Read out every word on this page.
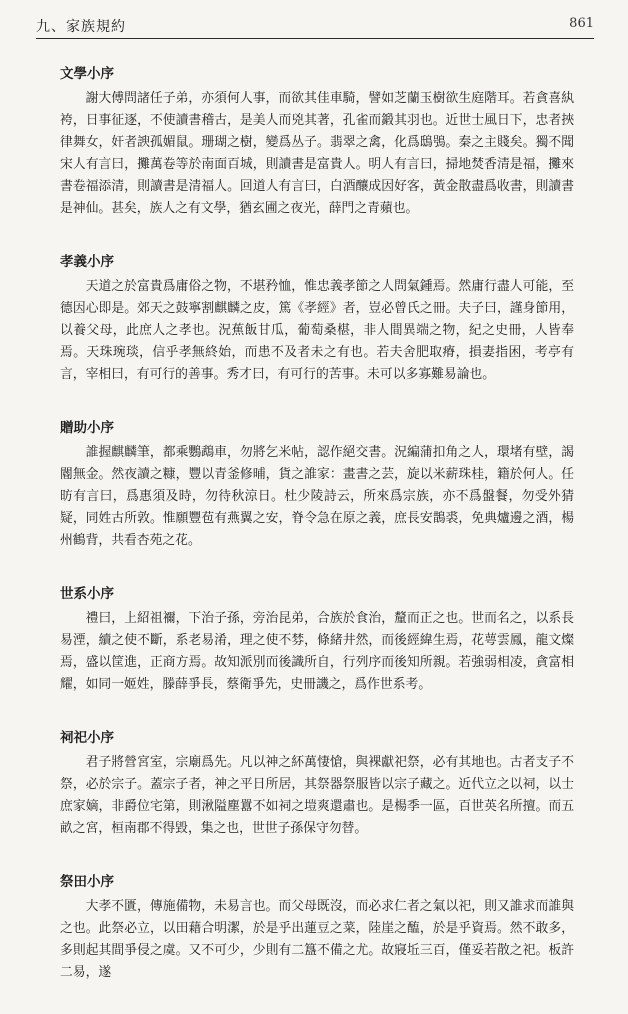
九、家族規約	861
文學小序

謝大傅問諸任子弟，亦須何人事，而欲其佳車騎，譬如芝蘭玉樹欲生庭階耳。若貪喜紈袴，日事征逐，不使讀書稽古，是美人而兇其著，孔雀而鍛其羽也。近世士風日下，忠者挾律舞女，奸者諛孤媚鼠。珊瑚之樹，變爲丛子。翡翠之禽，化爲鴟鴞。秦之主賤矣。獨不聞宋人有言曰，攤萬卷等於南面百城，則讀書是富貴人。明人有言曰，掃地焚香清是福，攤來書卷福添清，則讀書是清福人。回道人有言曰，白酒釀成因好客，黃金散盡爲收書，則讀書是神仙。甚矣，族人之有文學，猶玄圃之夜光，薛門之青蘋也。

孝義小序

天道之於富貴爲庸俗之物，不堪矜恤，惟忠義孝節之人問氣鍾焉。然庸行盡人可能，至德因心即是。郊天之鼓寧割麒麟之皮，篤《孝經》者，豈必曾氏之冊。夫子曰，謹身節用，以養父母，此庶人之孝也。況蕉飯甘瓜，葡萄桑椹，非人間異端之物，紀之史冊，人皆奉焉。天珠琬琰，信乎孝無終始，而患不及者未之有也。若夫舍肥取瘠，損妻指困，考亭有言，宰相曰，有可行的善事。秀才曰，有可行的苦事。未可以多寡難易論也。

贈助小序

誰握麒麟筆，都乘鸚鵡車，勿將乞米帖，認作絕交書。況編蒲扣角之人，環堵有壁，謁閽無金。然夜讀之糠，豐以青釜修晡，貨之誰家：畫書之芸，旋以米薪珠桂，籍於何人。任昉有言曰，爲惠須及時，勿待秋涼日。杜少陵詩云，所來爲宗族，亦不爲盤餐，勿受外猜疑，同姓古所敦。惟願豐苞有燕翼之安，脊令急在原之義，庶長安鵲裘，免典爐邊之酒，楊州鶴背，共看杏苑之花。

世系小序

禮曰，上紹祖禰，下治子孫，旁治昆弟，合族於食治，釐而正之也。世而名之，以系長易湮，續之使不斷，系老易淆，理之使不棼，條緒井然，而後經緯生焉，花萼雲鳳，龍文燦焉，盛以筐進，正商方焉。故知派別而後識所自，行列序而後知所親。若強弱相凌，貪富相耀，如同一姬姓，滕薛爭長，蔡衛爭先，史冊譏之，爲作世系考。

祠祀小序

君子將營宮室，宗廟爲先。凡以神之紑萬悽愴，與裸獻祀祭，必有其地也。古者支子不祭，必於宗子。蓋宗子者，神之平日所居，其祭器祭服皆以宗子藏之。近代立之以祠，以士庶家嫡，非爵位宅第，則湫隘塵囂不如祠之塏爽還肅也。是楊季一區，百世英名所擅。而五畝之宮，桓南郡不得毀，集之也，世世子孫保守勿替。

祭田小序

大孝不匱，傳施備物，未易言也。而父母既沒，而必求仁者之氣以祀，則又誰求而誰與之也。此祭必立，以田藉合明潔，於是乎出蓮豆之菜，陸崖之醢，於是乎資焉。然不敢多，多則起其間爭侵之虞。又不可少，少則有二簋不備之尤。故寢坵三百，僅妥若散之祀。板許二易，遂
